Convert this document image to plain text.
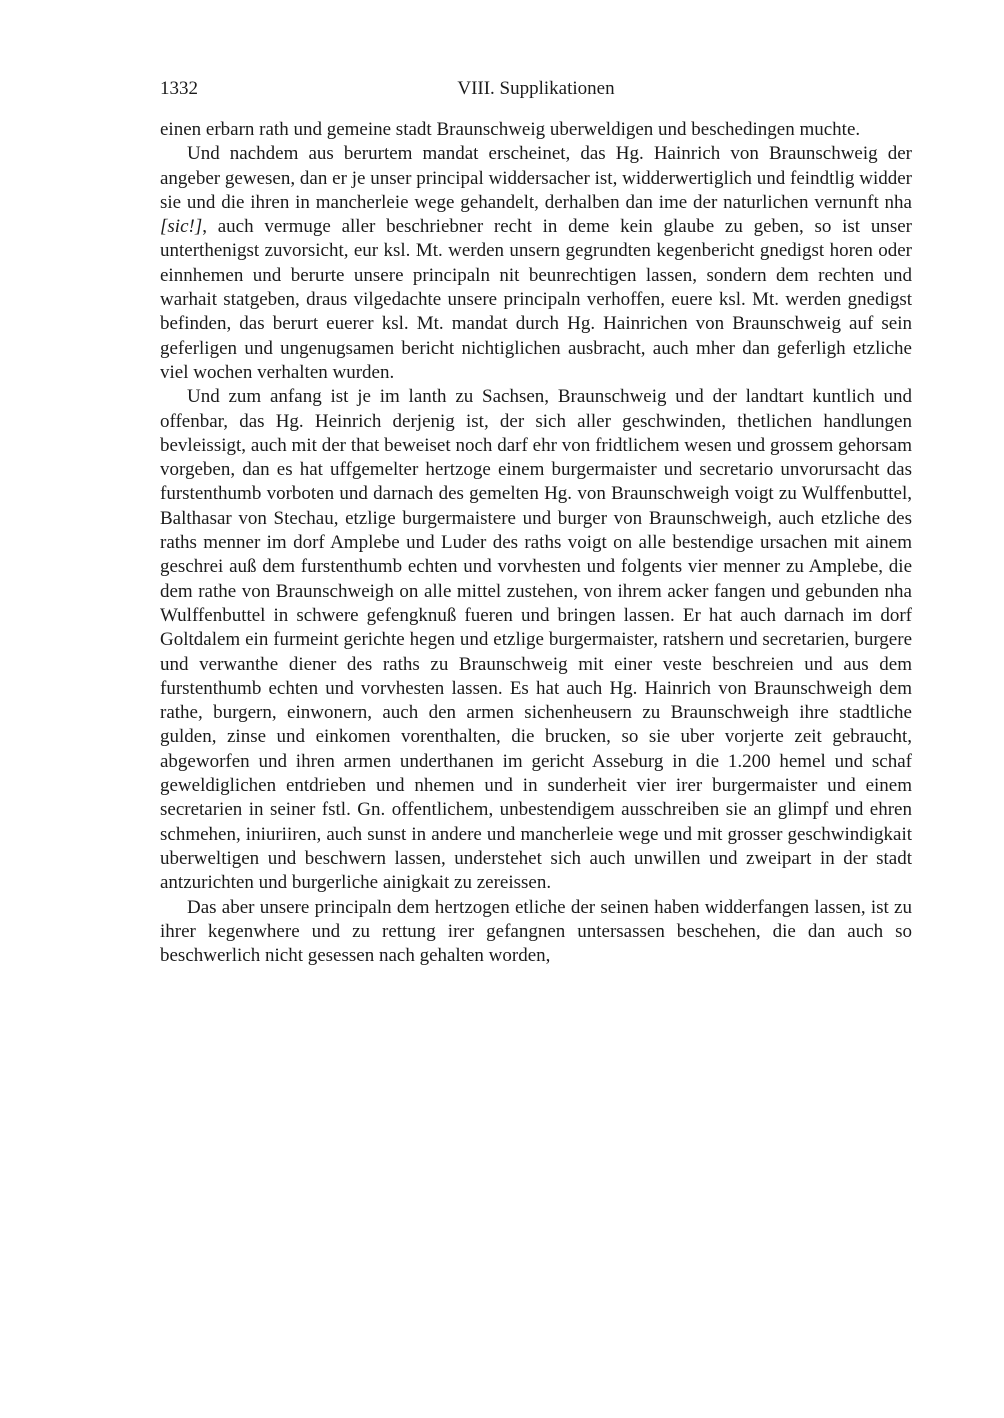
1332	VIII. Supplikationen

einen erbarn rath und gemeine stadt Braunschweig uberweldigen und beschedingen muchte.

Und nachdem aus berurtem mandat erscheinet, das Hg. Hainrich von Braunschweig der angeber gewesen, dan er je unser principal widdersacher ist, widderwertiglich und feindtlig widder sie und die ihren in mancherleie wege gehandelt, derhalben dan ime der naturlichen vernunft nha [sic!], auch vermuge aller beschriebner recht in deme kein glaube zu geben, so ist unser unterthenigst zuvorsicht, eur ksl. Mt. werden unsern gegrundten kegenbericht gnedigst horen oder einnhemen und berurte unsere principaln nit beunrechtigen lassen, sondern dem rechten und warhait statgeben, draus vilgedachte unsere principaln verhoffen, euere ksl. Mt. werden gnedigst befinden, das berurt euerer ksl. Mt. mandat durch Hg. Hainrichen von Braunschweig auf sein geferligen und ungenugsamen bericht nichtiglichen ausbracht, auch mher dan geferligh etzliche viel wochen verhalten wurden.

Und zum anfang ist je im lanth zu Sachsen, Braunschweig und der landtart kuntlich und offenbar, das Hg. Heinrich derjenig ist, der sich aller geschwinden, thetlichen handlungen bevleissigt, auch mit der that beweiset noch darf ehr von fridtlichem wesen und grossem gehorsam vorgeben, dan es hat uffgemelter hertzoge einem burgermaister und secretario unvorursacht das furstenthumb vorboten und darnach des gemelten Hg. von Braunschweigh voigt zu Wulffenbuttel, Balthasar von Stechau, etzlige burgermaistere und burger von Braunschweigh, auch etzliche des raths menner im dorf Amplebe und Luder des raths voigt on alle bestendige ursachen mit ainem geschrei auß dem furstenthumb echten und vorvhesten und folgents vier menner zu Amplebe, die dem rathe von Braunschweigh on alle mittel zustehen, von ihrem acker fangen und gebunden nha Wulffenbuttel in schwere gefengknuß fueren und bringen lassen. Er hat auch darnach im dorf Goltdalem ein furmeint gerichte hegen und etzlige burgermaister, ratshern und secretarien, burgere und verwanthe diener des raths zu Braunschweig mit einer veste beschreien und aus dem furstenthumb echten und vorvhesten lassen. Es hat auch Hg. Hainrich von Braunschweigh dem rathe, burgern, einwonern, auch den armen sichenheusern zu Braunschweigh ihre stadtliche gulden, zinse und einkomen vorenthalten, die brucken, so sie uber vorjerte zeit gebraucht, abgeworfen und ihren armen underthanen im gericht Asseburg in die 1.200 hemel und schaf geweldiglichen entdrieben und nhemen und in sunderheit vier irer burgermaister und einem secretarien in seiner fstl. Gn. offentlichem, unbestendigem ausschreiben sie an glimpf und ehren schmehen, iniuriiren, auch sunst in andere und mancherleie wege und mit grosser geschwindigkait uberweltigen und beschwern lassen, understehet sich auch unwillen und zweipart in der stadt antzurichten und burgerliche ainigkait zu zereissen.

Das aber unsere principaln dem hertzogen etliche der seinen haben widderfangen lassen, ist zu ihrer kegenwhere und zu rettung irer gefangnen untersassen beschehen, die dan auch so beschwerlich nicht gesessen nach gehalten worden,
